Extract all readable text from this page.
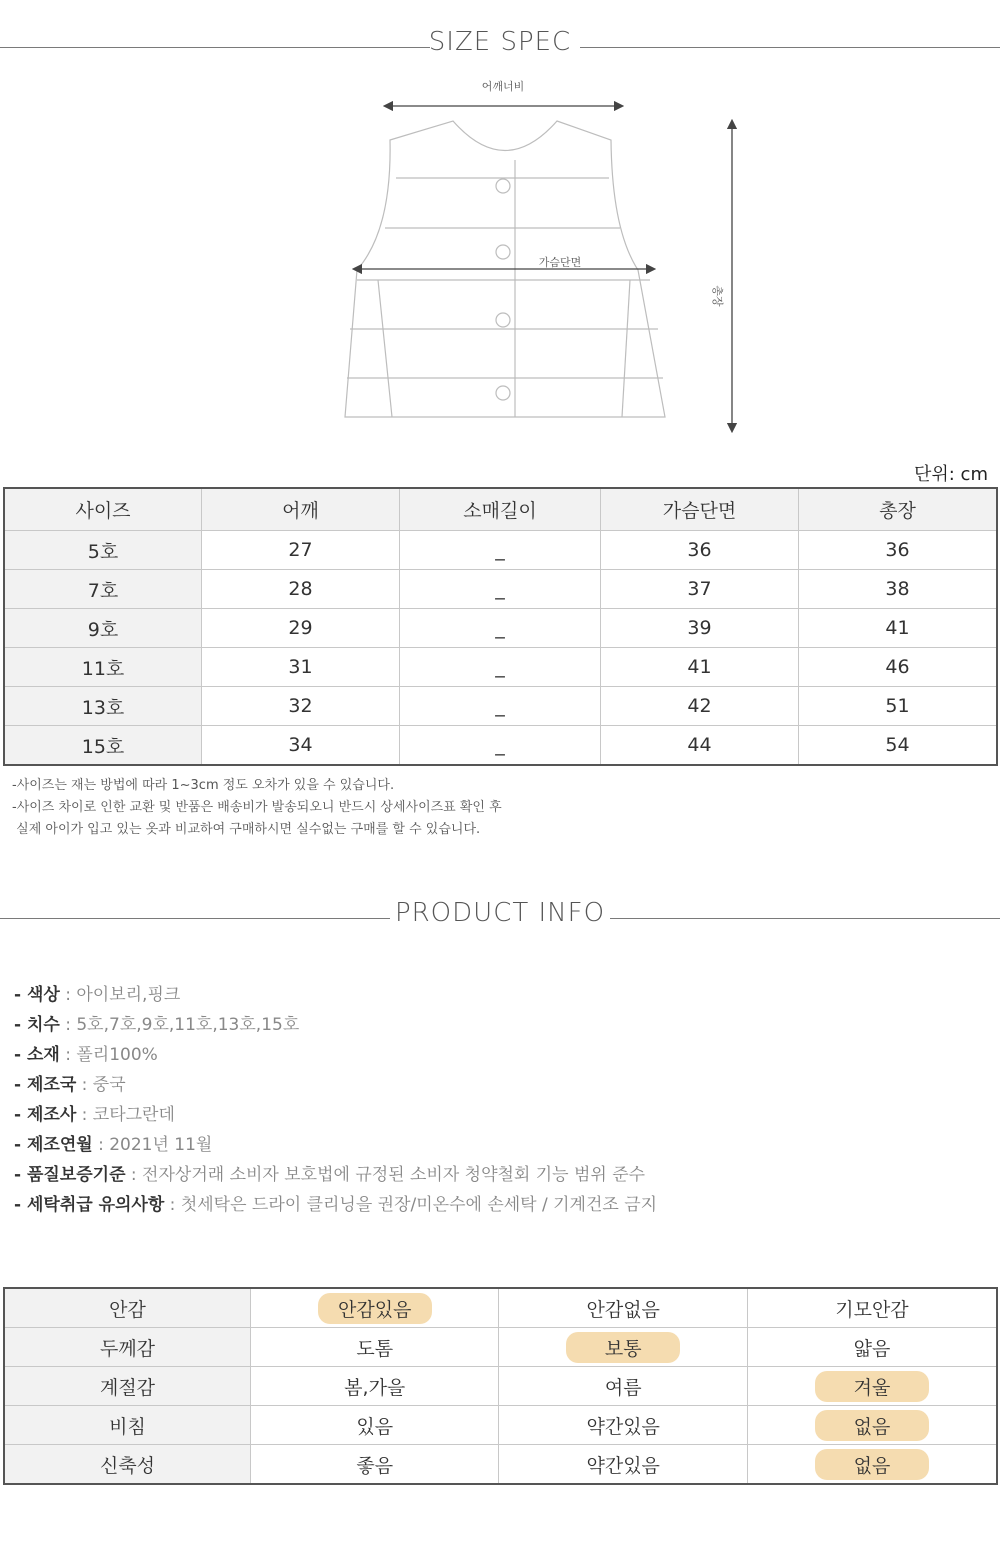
SIZE SPEC
어깨너비
가슴단면
총장
단위: cm
사이즈	어깨	소매길이	가슴단면	총장
5호	27	_	36	36
7호	28	_	37	38
9호	29	_	39	41
11호	31	_	41	46
13호	32	_	42	51
15호	34	_	44	54
-사이즈는 재는 방법에 따라 1~3cm 정도 오차가 있을 수 있습니다.
-사이즈 차이로 인한 교환 및 반품은 배송비가 발송되오니 반드시 상세사이즈표 확인 후
실제 아이가 입고 있는 옷과 비교하여 구매하시면 실수없는 구매를 할 수 있습니다.
PRODUCT INFO
- 색상 : 아이보리,핑크
- 치수 : 5호,7호,9호,11호,13호,15호
- 소재 : 폴리100%
- 제조국 : 중국
- 제조사 : 코타그란데
- 제조연월 : 2021년 11월
- 품질보증기준 : 전자상거래 소비자 보호법에 규정된 소비자 청약철회 기능 범위 준수
- 세탁취급 유의사항 : 첫세탁은 드라이 클리닝을 권장/미온수에 손세탁 / 기계건조 금지
안감	안감있음	안감없음	기모안감
두께감	도톰	보통	얇음
계절감	봄,가을	여름	겨울
비침	있음	약간있음	없음
신축성	좋음	약간있음	없음
